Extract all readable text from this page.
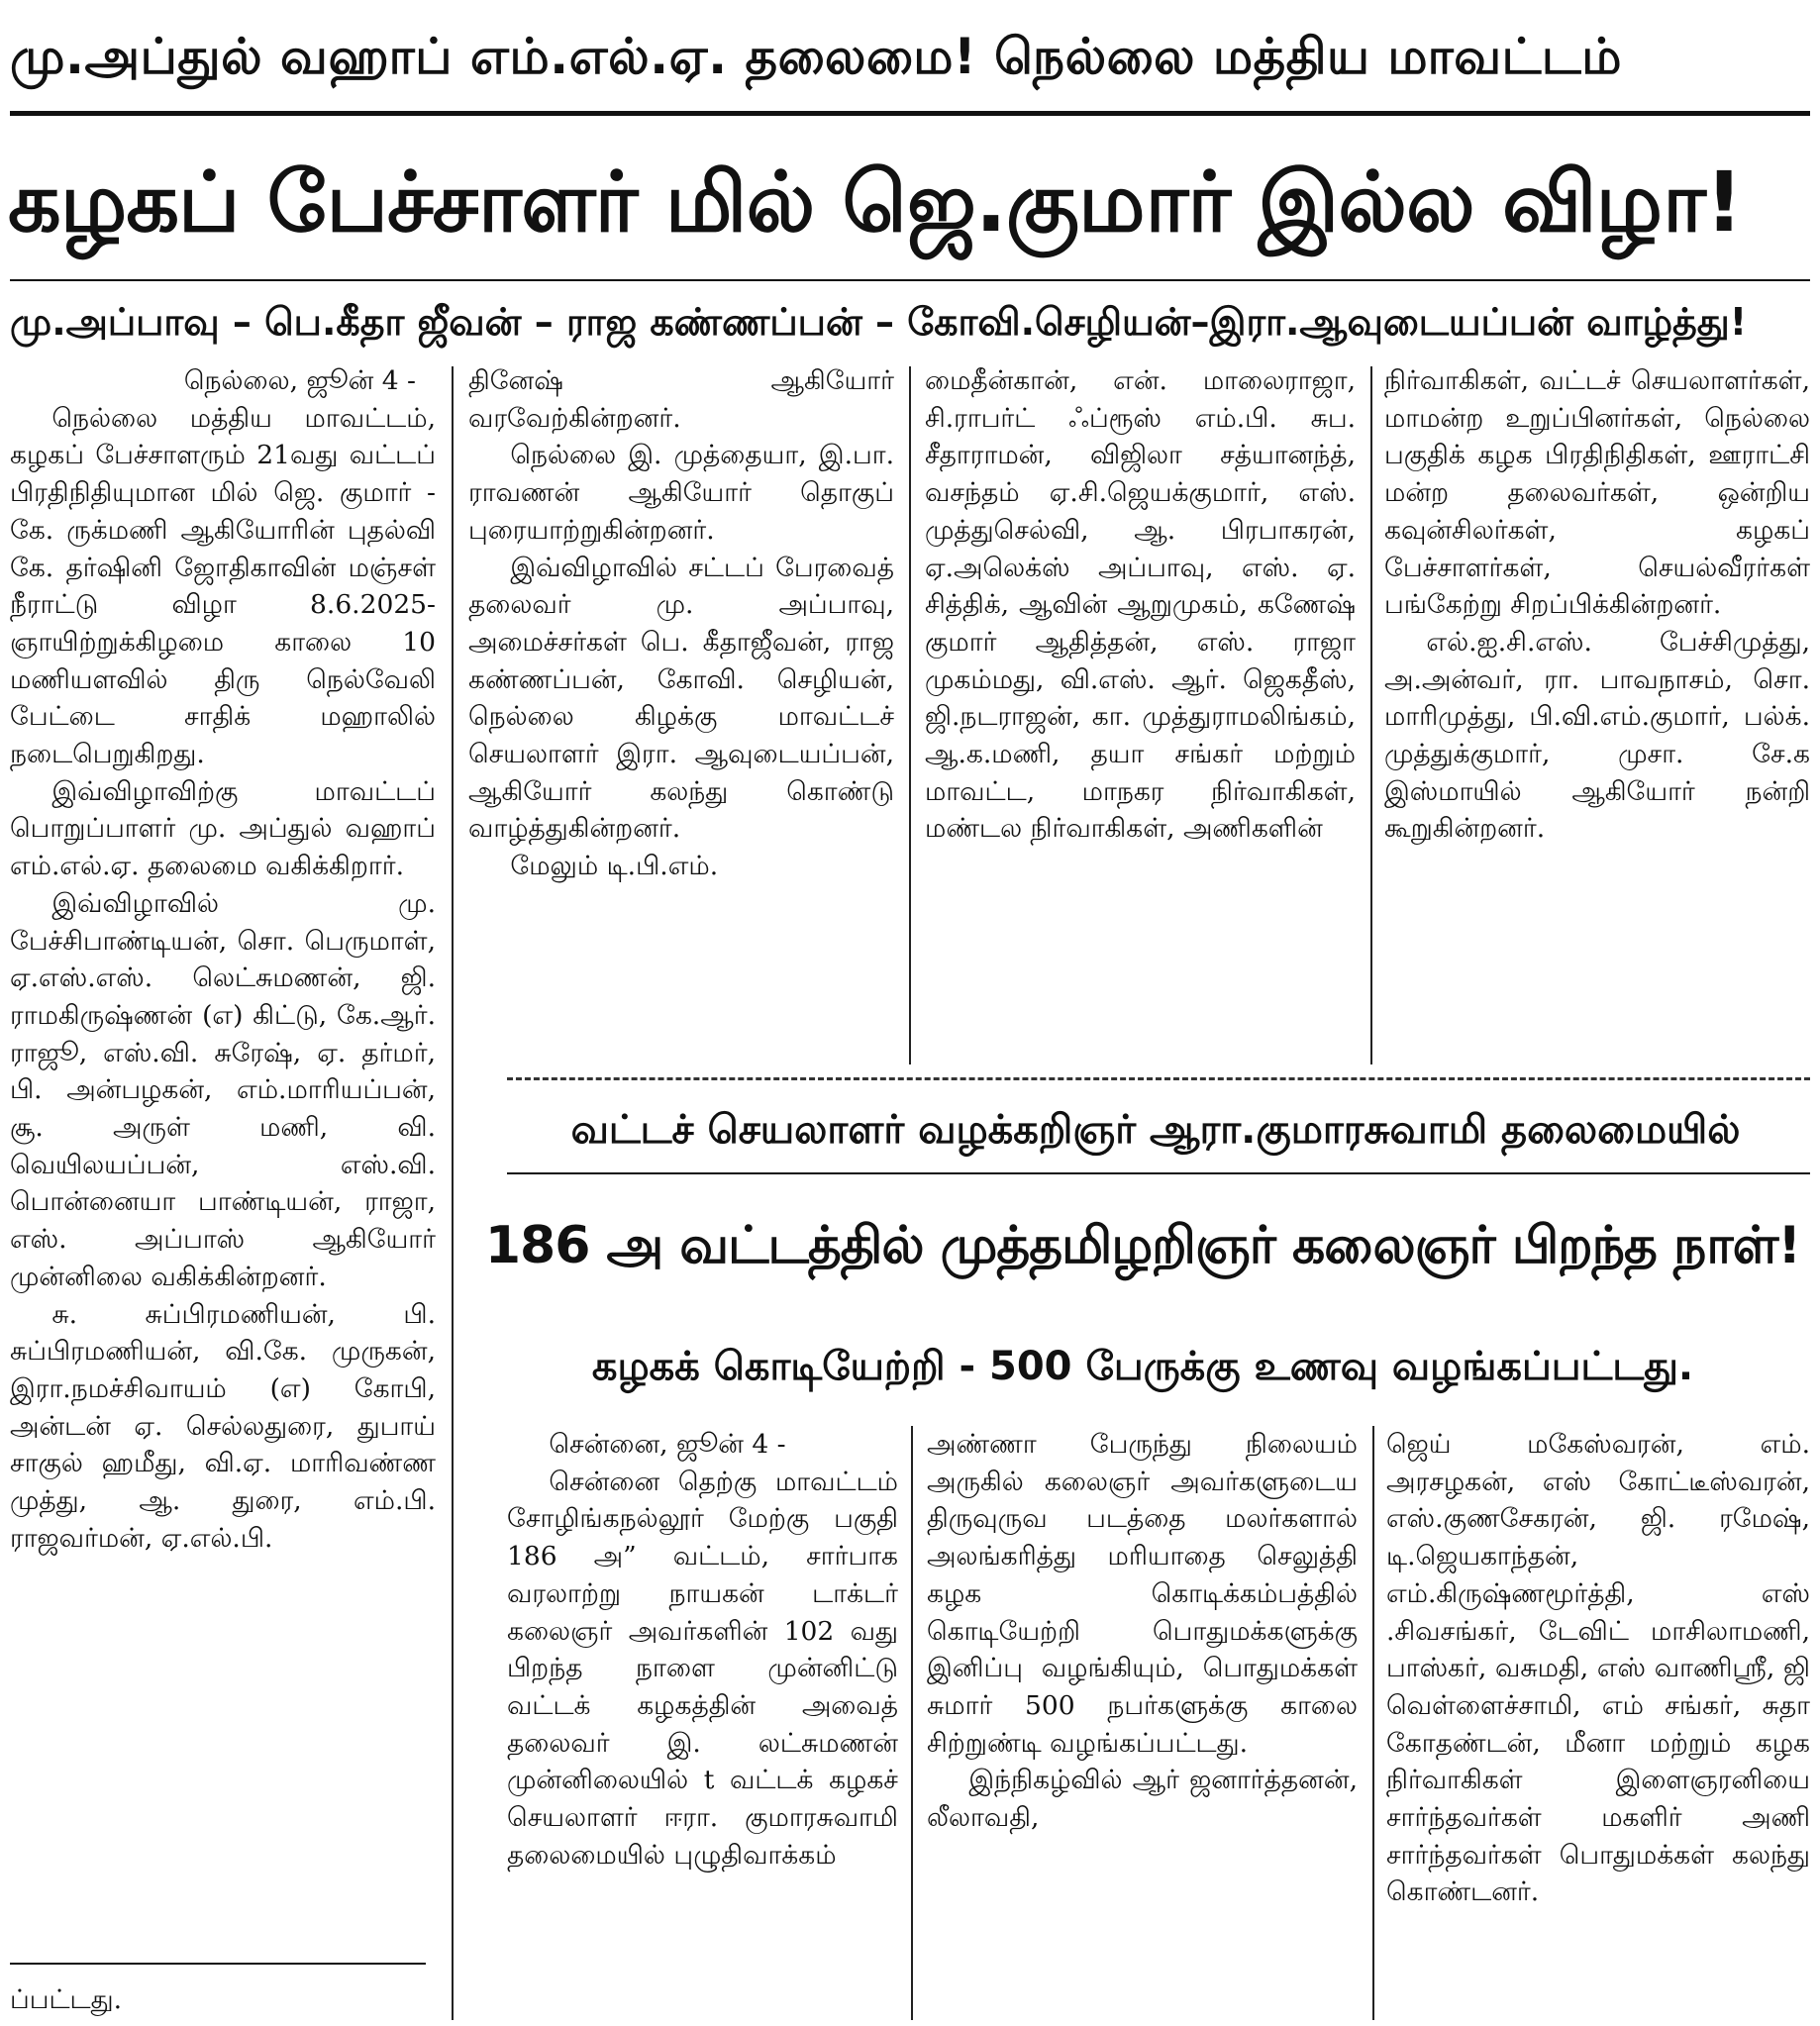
மு.அப்துல் வஹாப் எம்.எல்.ஏ. தலைமை! நெல்லை மத்திய மாவட்டம்
கழகப் பேச்சாளர் மில் ஜெ.குமார் இல்ல விழா!
மு.அப்பாவு – பெ.கீதா ஜீவன் – ராஜ கண்ணப்பன் – கோவி.செழியன்–இரா.ஆவுடையப்பன் வாழ்த்து!

நெல்லை, ஜூன் 4 -

நெல்லை மத்திய மாவட்டம், கழகப் பேச்சாளரும் 21வது வட்டப் பிரதிநிதியுமான மில் ஜெ. குமார் - கே. ருக்மணி ஆகியோரின் புதல்வி கே. தர்ஷினி ஜோதிகாவின் மஞ்சள் நீராட்டு விழா 8.6.2025-ஞாயிற்றுக்கிழமை காலை 10 மணியளவில் திரு நெல்வேலி பேட்டை சாதிக் மஹாலில் நடைபெறுகிறது.

இவ்விழாவிற்கு மாவட்டப் பொறுப்பாளர் மு. அப்துல் வஹாப் எம்.எல்.ஏ. தலைமை வகிக்கிறார்.

இவ்விழாவில் மு. பேச்சிபாண்டியன், சொ. பெருமாள், ஏ.எஸ்.எஸ். லெட்சுமணன், ஜி. ராமகிருஷ்ணன் (எ) கிட்டு, கே.ஆர். ராஜூ, எஸ்.வி. சுரேஷ், ஏ. தர்மர், பி. அன்பழகன், எம்.மாரியப்பன், சூ. அருள் மணி, வி. வெயிலயப்பன், எஸ்.வி. பொன்னையா பாண்டியன், ராஜா, எஸ். அப்பாஸ் ஆகியோர் முன்னிலை வகிக்கின்றனர்.

சு. சுப்பிரமணியன், பி. சுப்பிரமணியன், வி.கே. முருகன், இரா.நமச்சிவாயம் (எ) கோபி, அன்டன் ஏ. செல்லதுரை, துபாய் சாகுல் ஹமீது, வி.ஏ. மாரிவண்ண முத்து, ஆ. துரை, எம்.பி. ராஜவர்மன், ஏ.எல்.பி.

தினேஷ் ஆகியோர் வரவேற்கின்றனர்.

நெல்லை இ. முத்தையா, இ.பா. ராவணன் ஆகியோர் தொகுப் புரையாற்றுகின்றனர்.

இவ்விழாவில் சட்டப் பேரவைத் தலைவர் மு. அப்பாவு, அமைச்சர்கள் பெ. கீதாஜீவன், ராஜ கண்ணப்பன், கோவி. செழியன், நெல்லை கிழக்கு மாவட்டச் செயலாளர் இரா. ஆவுடையப்பன், ஆகியோர் கலந்து கொண்டு வாழ்த்துகின்றனர்.

மேலும் டி.பி.எம்.

மைதீன்கான், என். மாலைராஜா, சி.ராபர்ட் ஃப்ரூஸ் எம்.பி. சுப. சீதாராமன், விஜிலா சத்யானந்த், வசந்தம் ஏ.சி.ஜெயக்குமார், எஸ். முத்துசெல்வி, ஆ. பிரபாகரன், ஏ.அலெக்ஸ் அப்பாவு, எஸ். ஏ. சித்திக், ஆவின் ஆறுமுகம், கணேஷ் குமார் ஆதித்தன், எஸ். ராஜா முகம்மது, வி.எஸ். ஆர். ஜெகதீஸ், ஜி.நடராஜன், கா. முத்துராமலிங்கம், ஆ.க.மணி, தயா சங்கர் மற்றும் மாவட்ட, மாநகர நிர்வாகிகள், மண்டல நிர்வாகிகள், அணிகளின்

நிர்வாகிகள், வட்டச் செயலாளர்கள், மாமன்ற உறுப்பினர்கள், நெல்லை பகுதிக் கழக பிரதிநிதிகள், ஊராட்சி மன்ற தலைவர்கள், ஒன்றிய கவுன்சிலர்கள், கழகப் பேச்சாளர்கள், செயல்வீரர்கள் பங்கேற்று சிறப்பிக்கின்றனர்.

எல்.ஐ.சி.எஸ். பேச்சிமுத்து, அ.அன்வர், ரா. பாவநாசம், சொ. மாரிமுத்து, பி.வி.எம்.குமார், பல்க். முத்துக்குமார், முசா. சே.க இஸ்மாயில் ஆகியோர் நன்றி கூறுகின்றனர்.

வட்டச் செயலாளர் வழக்கறிஞர் ஆரா.குமாரசுவாமி தலைமையில்
186 அ வட்டத்தில் முத்தமிழறிஞர் கலைஞர் பிறந்த நாள்!
கழகக் கொடியேற்றி - 500 பேருக்கு உணவு வழங்கப்பட்டது.

சென்னை, ஜூன் 4 -

சென்னை தெற்கு மாவட்டம் சோழிங்கநல்லூர் மேற்கு பகுதி 186 அ” வட்டம், சார்பாக வரலாற்று நாயகன் டாக்டர் கலைஞர் அவர்களின் 102 வது பிறந்த நாளை முன்னிட்டு வட்டக் கழகத்தின் அவைத் தலைவர் இ. லட்சுமணன் முன்னிலையில் t வட்டக் கழகச் செயலாளர் ஈரா. குமாரசுவாமி தலைமையில் புழுதிவாக்கம்

அண்ணா பேருந்து நிலையம் அருகில் கலைஞர் அவர்களுடைய திருவுருவ படத்தை மலர்களால் அலங்கரித்து மரியாதை செலுத்தி கழக கொடிக்கம்பத்தில் கொடியேற்றி பொதுமக்களுக்கு இனிப்பு வழங்கியும், பொதுமக்கள் சுமார் 500 நபர்களுக்கு காலை சிற்றுண்டி வழங்கப்பட்டது.

இந்நிகழ்வில் ஆர் ஜனார்த்தனன், லீலாவதி,

ஜெய் மகேஸ்வரன், எம். அரசழகன், எஸ் கோட்டீஸ்வரன், எஸ்.குணசேகரன், ஜி. ரமேஷ், டி.ஜெயகாந்தன், எம்.கிருஷ்ணமூர்த்தி, எஸ் .சிவசங்கர், டேவிட் மாசிலாமணி, பாஸ்கர், வசுமதி, எஸ் வாணிஸ்ரீ, ஜி வெள்ளைச்சாமி, எம் சங்கர், சுதா கோதண்டன், மீனா மற்றும் கழக நிர்வாகிகள் இளைஞரனியை சார்ந்தவர்கள் மகளிர் அணி சார்ந்தவர்கள் பொதுமக்கள் கலந்து கொண்டனர்.

ப்பட்டது.
